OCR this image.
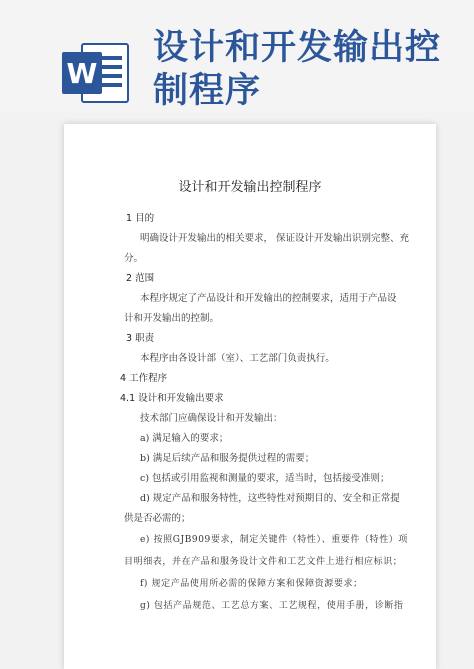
W
设计和开发输出控
制程序
设计和开发输出控制程序
1 目的
明确设计开发输出的相关要求， 保证设计开发输出识别完整、充
分。
2 范围
本程序规定了产品设计和开发输出的控制要求，适用于产品设
计和开发输出的控制。
3 职责
本程序由各设计部（室）、工艺部门负责执行。
4 工作程序
4.1 设计和开发输出要求
技术部门应确保设计和开发输出：
a) 满足输入的要求；
b) 满足后续产品和服务提供过程的需要；
c) 包括或引用监视和测量的要求，适当时，包括接受准则；
d) 规定产品和服务特性，这些特性对预期目的、安全和正常提
供是否必需的；
e) 按照GJB909要求，制定关键件（特性）、重要件（特性）项
目明细表，并在产品和服务设计文件和工艺文件上进行相应标识；
f) 规定产品使用所必需的保障方案和保障资源要求；
g) 包括产品规范、工艺总方案、工艺规程，使用手册，诊断指
